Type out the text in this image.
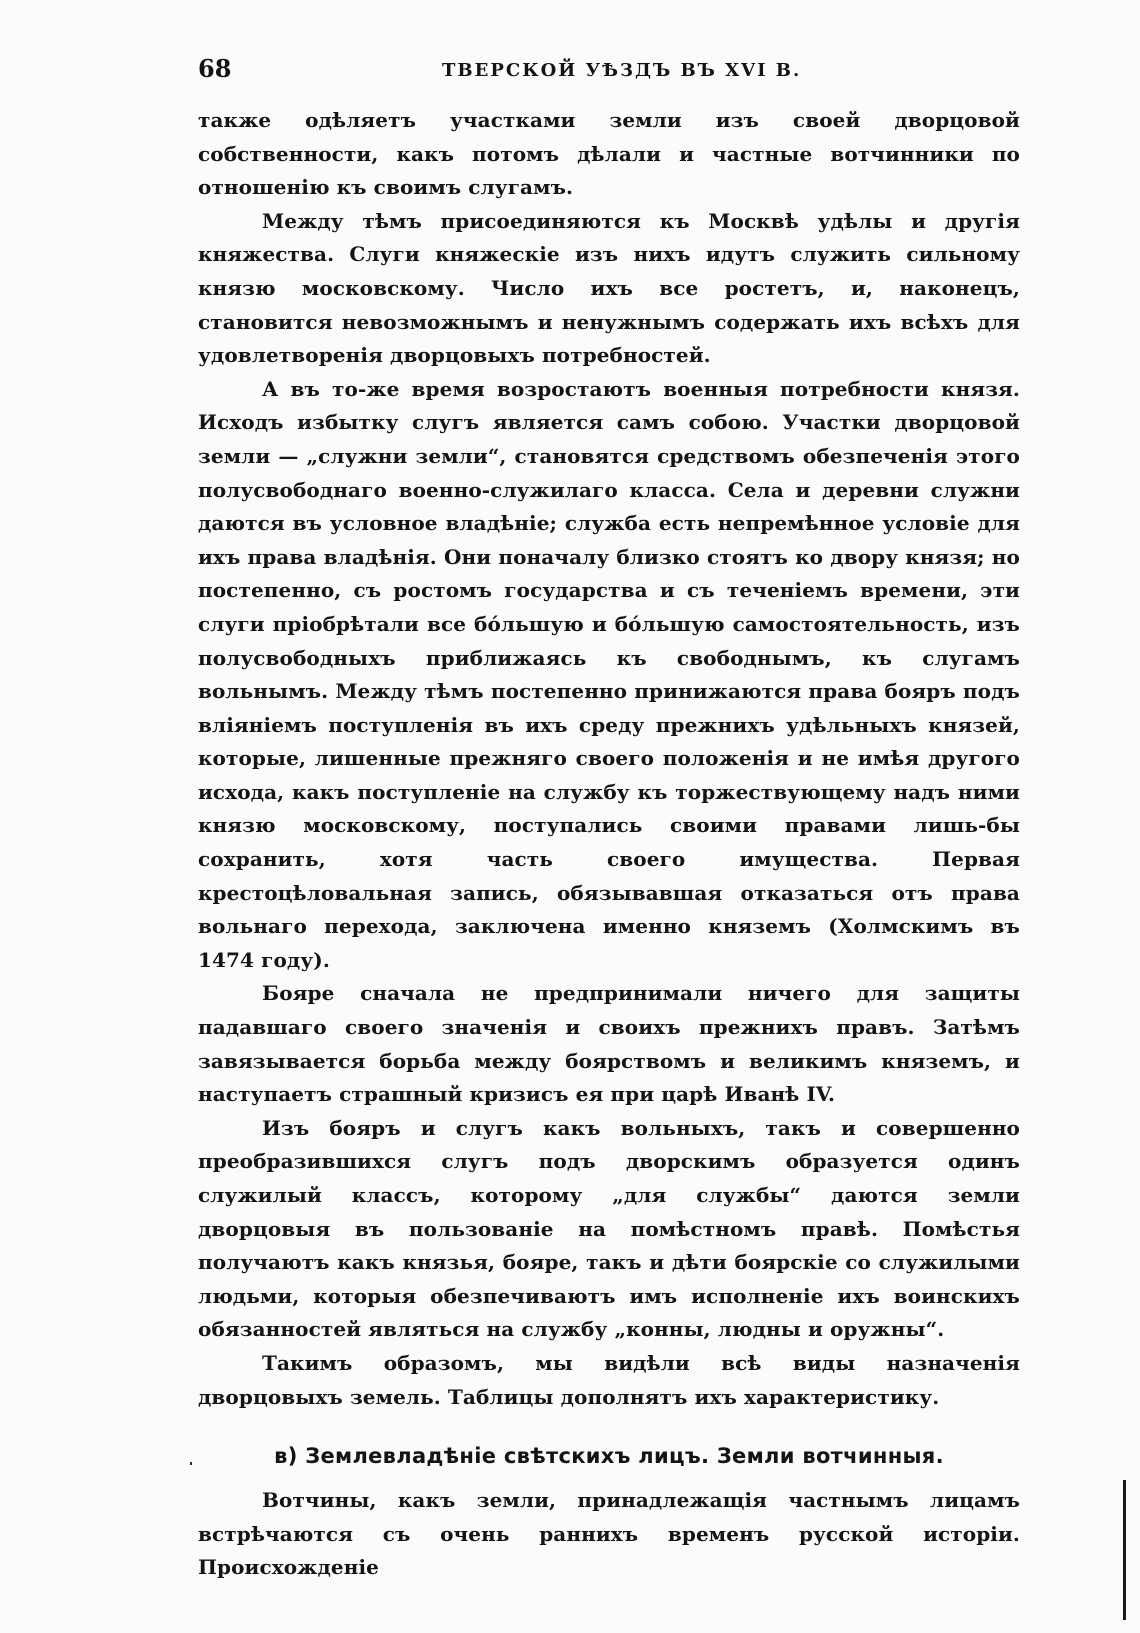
68	ТВЕРСКОЙ УѢЗДЪ ВЪ XVI В.

также одѣляетъ участками земли изъ своей дворцовой собственности, какъ потомъ дѣлали и частные вотчинники по отношенію къ своимъ слугамъ.

Между тѣмъ присоединяются къ Москвѣ удѣлы и другія княжества. Слуги княжескіе изъ нихъ идутъ служить сильному князю московскому. Число ихъ все ростетъ, и, наконецъ, становится невозможнымъ и ненужнымъ содержать ихъ всѣхъ для удовлетворенія дворцовыхъ потребностей.

А въ то-же время возростаютъ военныя потребности князя. Исходъ избытку слугъ является самъ собою. Участки дворцовой земли — „служни земли“, становятся средствомъ обезпеченія этого полусвободнаго военно-служилаго класса. Села и деревни служни даются въ условное владѣніе; служба есть непремѣнное условіе для ихъ права владѣнія. Они поначалу близко стоятъ ко двору князя; но постепенно, съ ростомъ государства и съ теченіемъ времени, эти слуги пріобрѣтали все бо́льшую и бо́льшую самостоятельность, изъ полусвободныхъ приближаясь къ свободнымъ, къ слугамъ вольнымъ. Между тѣмъ постепенно принижаются права бояръ подъ вліяніемъ поступленія въ ихъ среду прежнихъ удѣльныхъ князей, которые, лишенные прежняго своего положенія и не имѣя другого исхода, какъ поступленіе на службу къ торжествующему надъ ними князю московскому, поступались своими правами лишь-бы сохранить, хотя часть своего имущества. Первая крестоцѣловальная запись, обязывавшая отказаться отъ права вольнаго перехода, заключена именно княземъ (Холмскимъ въ 1474 году).

Бояре сначала не предпринимали ничего для защиты падавшаго своего значенія и своихъ прежнихъ правъ. Затѣмъ завязывается борьба между боярствомъ и великимъ княземъ, и наступаетъ страшный кризисъ ея при царѣ Иванѣ IV.

Изъ бояръ и слугъ какъ вольныхъ, такъ и совершенно преобразившихся слугъ подъ дворскимъ образуется одинъ служилый классъ, которому „для службы“ даются земли дворцовыя въ пользованіе на помѣстномъ правѣ. Помѣстья получаютъ какъ князья, бояре, такъ и дѣти боярскіе со служилыми людьми, которыя обезпечиваютъ имъ исполненіе ихъ воинскихъ обязанностей являться на службу „конны, людны и оружны“.

Такимъ образомъ, мы видѣли всѣ виды назначенія дворцовыхъ земель. Таблицы дополнятъ ихъ характеристику.

в) Землевладѣніе свѣтскихъ лицъ. Земли вотчинныя.

Вотчины, какъ земли, принадлежащія частнымъ лицамъ встрѣчаются съ очень раннихъ временъ русской исторіи. Происхожденіе
